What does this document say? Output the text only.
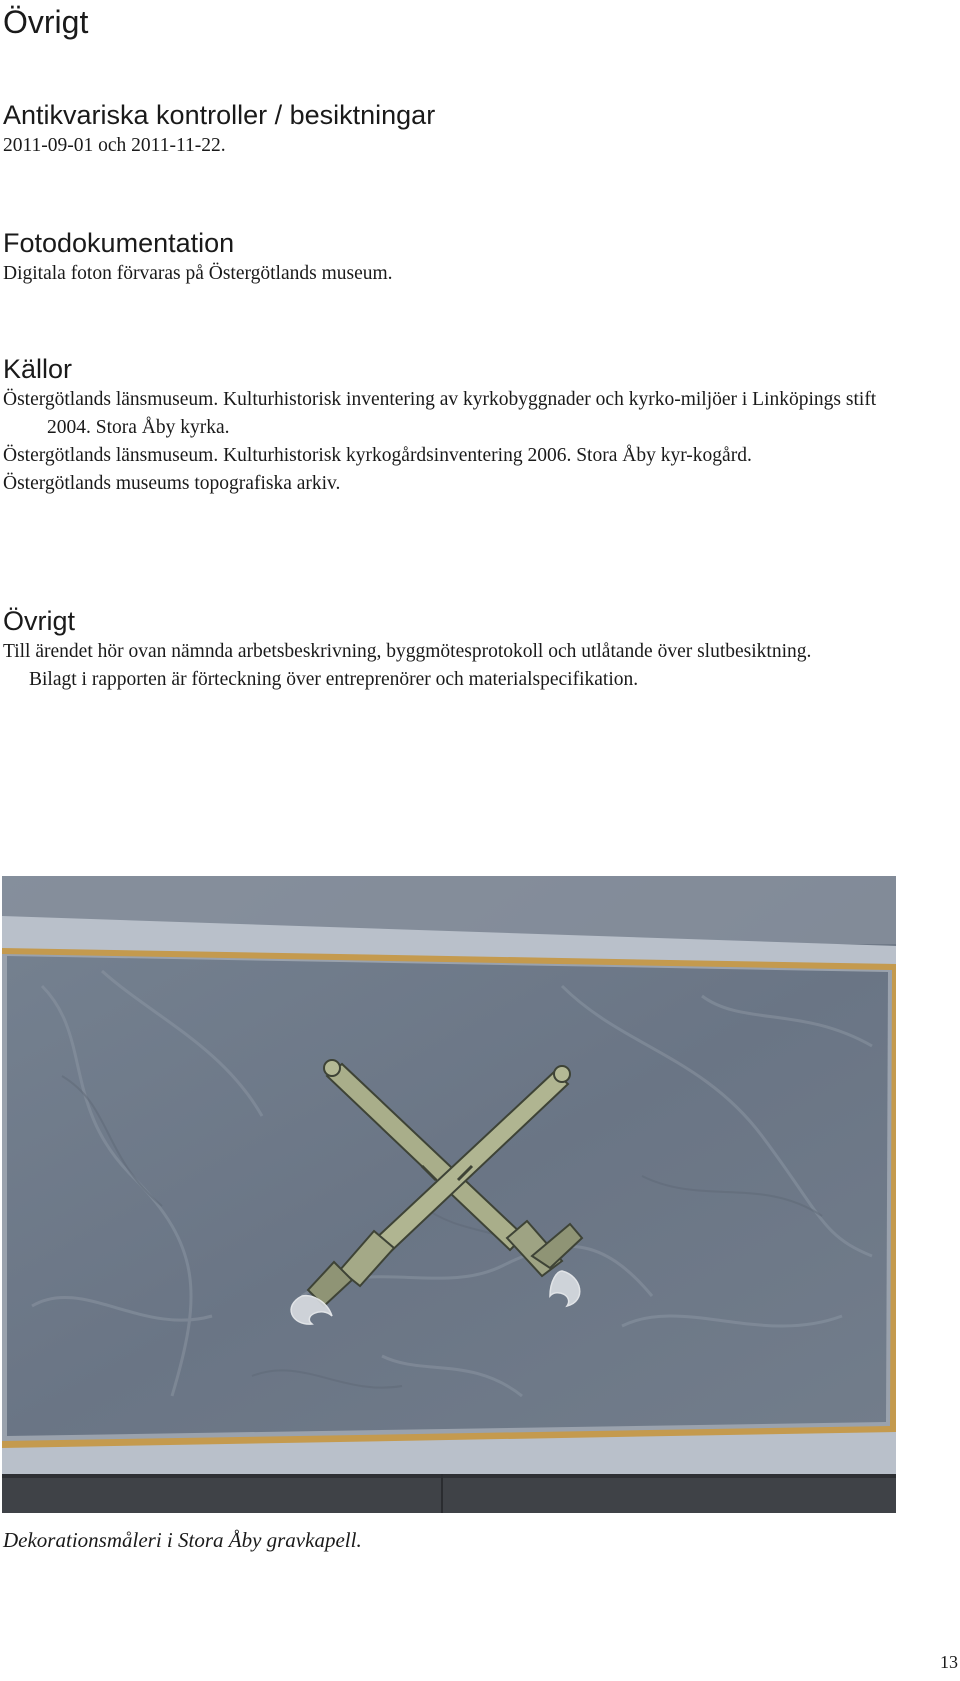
Övrigt
Antikvariska kontroller / besiktningar

2011-09-01 och 2011-11-22.

Fotodokumentation

Digitala foton förvaras på Östergötlands museum.

Källor

Östergötlands länsmuseum. Kulturhistorisk inventering av kyrkobyggnader och kyrko-miljöer i Linköpings stift 2004. Stora Åby kyrka.

Östergötlands länsmuseum. Kulturhistorisk kyrkogårdsinventering 2006. Stora Åby kyr-kogård.

Östergötlands museums topografiska arkiv.

Övrigt

Till ärendet hör ovan nämnda arbetsbeskrivning, byggmötesprotokoll och utlåtande över slutbesiktning.

Bilagt i rapporten är förteckning över entreprenörer och materialspecifikation.

Dekorationsmåleri i Stora Åby gravkapell.

13
